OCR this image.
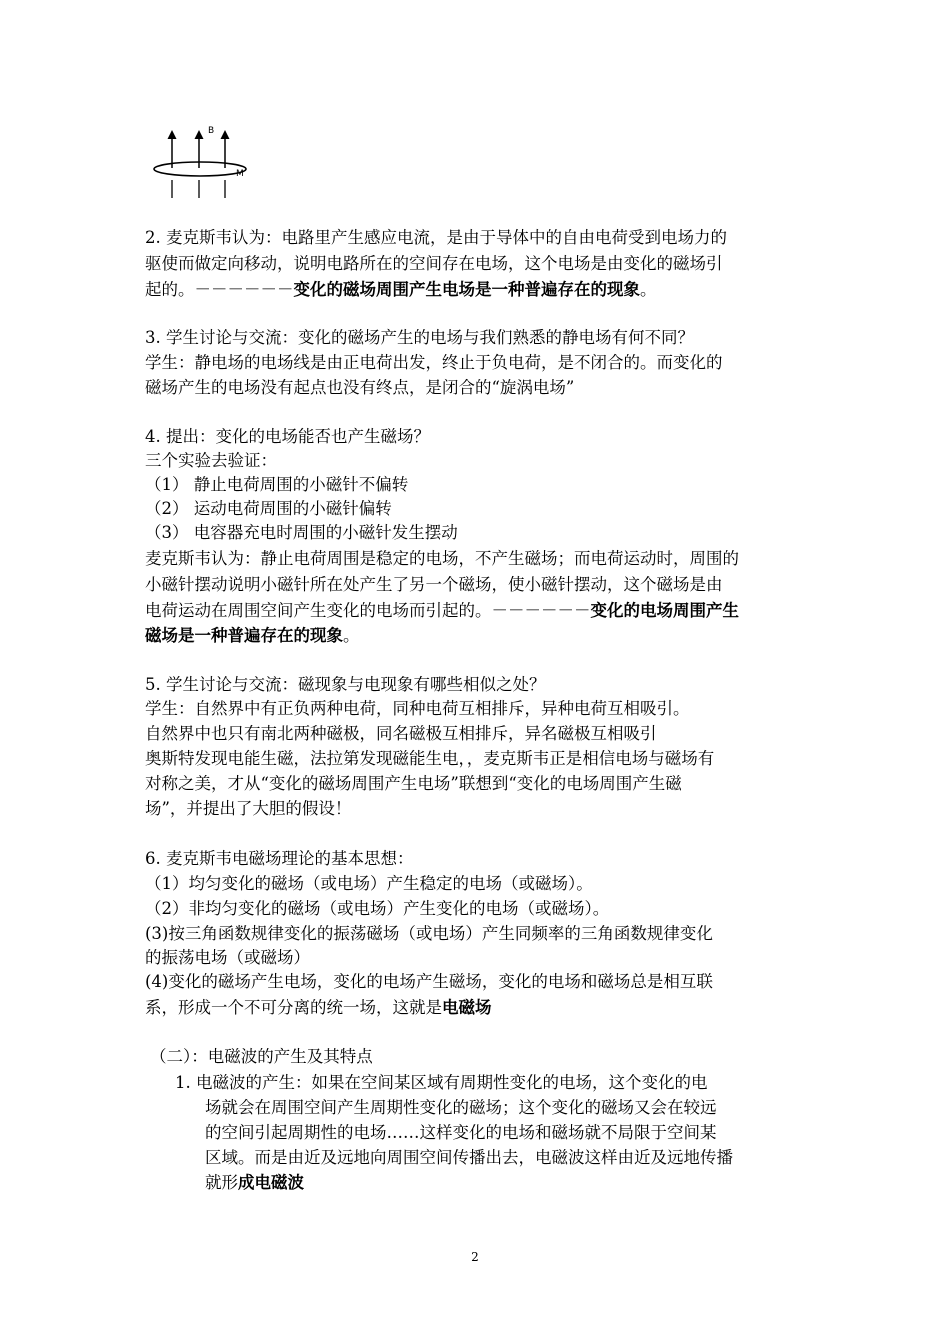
B
M
2. 麦克斯韦认为：电路里产生感应电流，是由于导体中的自由电荷受到电场力的
驱使而做定向移动，说明电路所在的空间存在电场，这个电场是由变化的磁场引
起的。－－－－－－变化的磁场周围产生电场是一种普遍存在的现象。
3. 学生讨论与交流：变化的磁场产生的电场与我们熟悉的静电场有何不同？
学生：静电场的电场线是由正电荷出发，终止于负电荷，是不闭合的。而变化的
磁场产生的电场没有起点也没有终点，是闭合的“旋涡电场”
4. 提出：变化的电场能否也产生磁场？
三个实验去验证：
（1） 静止电荷周围的小磁针不偏转
（2） 运动电荷周围的小磁针偏转
（3） 电容器充电时周围的小磁针发生摆动
麦克斯韦认为：静止电荷周围是稳定的电场，不产生磁场；而电荷运动时，周围的
小磁针摆动说明小磁针所在处产生了另一个磁场，使小磁针摆动，这个磁场是由
电荷运动在周围空间产生变化的电场而引起的。－－－－－－变化的电场周围产生
磁场是一种普遍存在的现象。
5. 学生讨论与交流：磁现象与电现象有哪些相似之处？
学生：自然界中有正负两种电荷，同种电荷互相排斥，异种电荷互相吸引。
自然界中也只有南北两种磁极，同名磁极互相排斥，异名磁极互相吸引
奥斯特发现电能生磁，法拉第发现磁能生电，，麦克斯韦正是相信电场与磁场有
对称之美，才从“变化的磁场周围产生电场”联想到“变化的电场周围产生磁
场”，并提出了大胆的假设！
6. 麦克斯韦电磁场理论的基本思想：
（1）均匀变化的磁场（或电场）产生稳定的电场（或磁场）。
（2）非均匀变化的磁场（或电场）产生变化的电场（或磁场）。
(3)按三角函数规律变化的振荡磁场（或电场）产生同频率的三角函数规律变化
的振荡电场（或磁场）
(4)变化的磁场产生电场，变化的电场产生磁场，变化的电场和磁场总是相互联
系，形成一个不可分离的统一场，这就是电磁场
（二）：电磁波的产生及其特点
1. 电磁波的产生：如果在空间某区域有周期性变化的电场，这个变化的电
场就会在周围空间产生周期性变化的磁场；这个变化的磁场又会在较远
的空间引起周期性的电场……这样变化的电场和磁场就不局限于空间某
区域。而是由近及远地向周围空间传播出去，电磁波这样由近及远地传播
就形成电磁波
2
